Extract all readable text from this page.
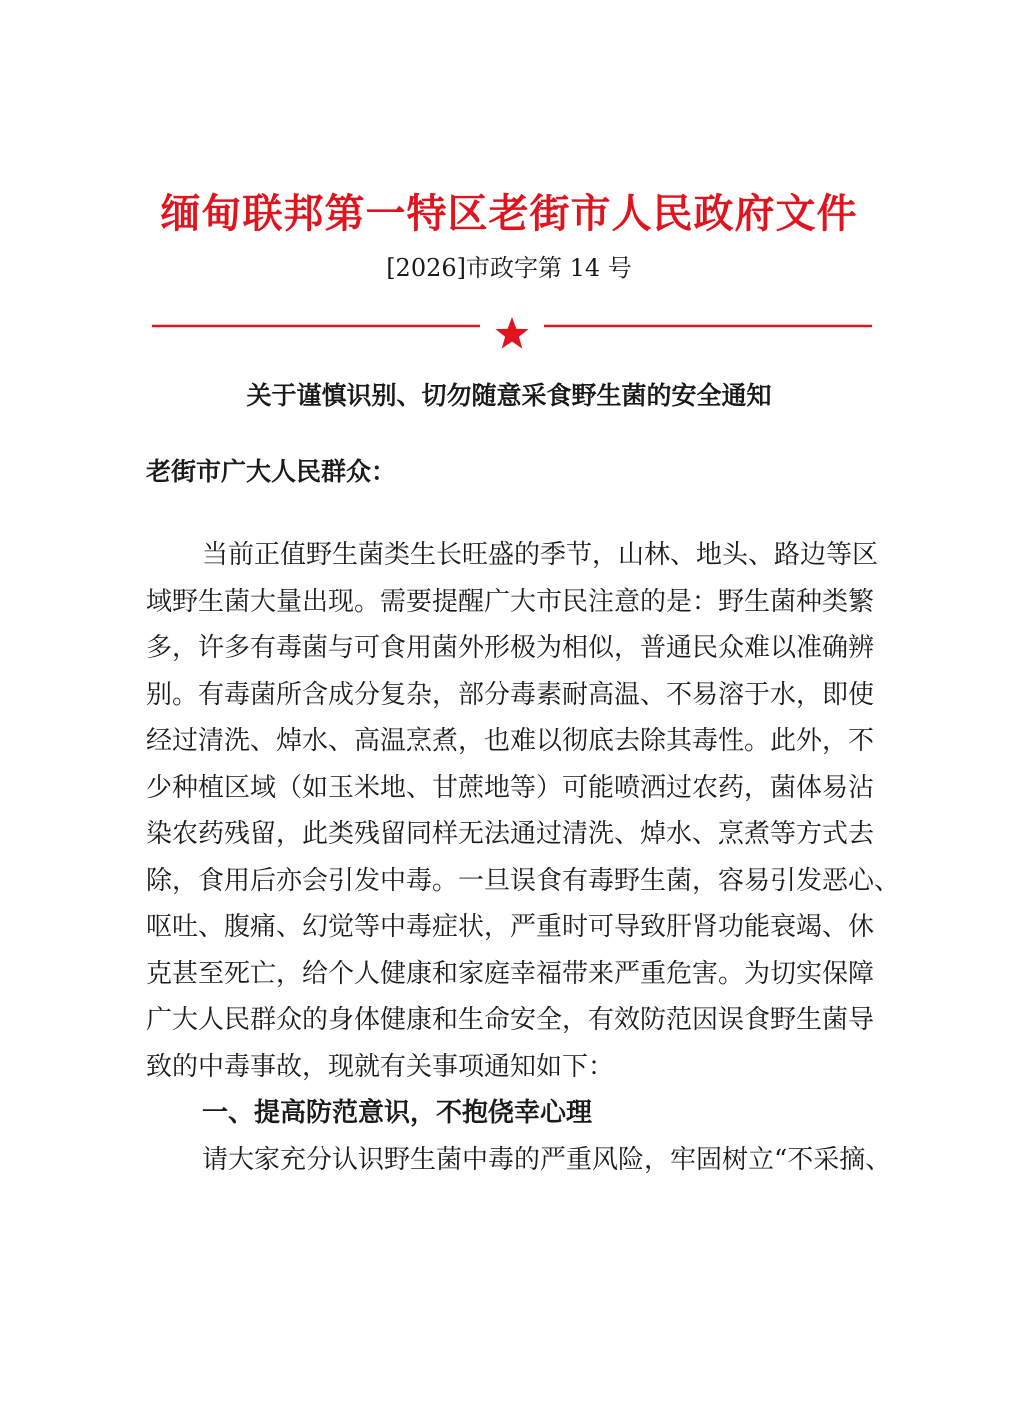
缅甸联邦第一特区老街市人民政府文件
[2026]市政字第 14 号
关于谨慎识别、切勿随意采食野生菌的安全通知
老街市广大人民群众：
当前正值野生菌类生长旺盛的季节，山林、地头、路边等区
域野生菌大量出现。需要提醒广大市民注意的是：野生菌种类繁
多，许多有毒菌与可食用菌外形极为相似，普通民众难以准确辨
别。有毒菌所含成分复杂，部分毒素耐高温、不易溶于水，即使
经过清洗、焯水、高温烹煮，也难以彻底去除其毒性。此外，不
少种植区域（如玉米地、甘蔗地等）可能喷洒过农药，菌体易沾
染农药残留，此类残留同样无法通过清洗、焯水、烹煮等方式去
除，食用后亦会引发中毒。一旦误食有毒野生菌，容易引发恶心、
呕吐、腹痛、幻觉等中毒症状，严重时可导致肝肾功能衰竭、休
克甚至死亡，给个人健康和家庭幸福带来严重危害。为切实保障
广大人民群众的身体健康和生命安全，有效防范因误食野生菌导
致的中毒事故，现就有关事项通知如下：
一、提高防范意识，不抱侥幸心理
请大家充分认识野生菌中毒的严重风险，牢固树立“不采摘、
